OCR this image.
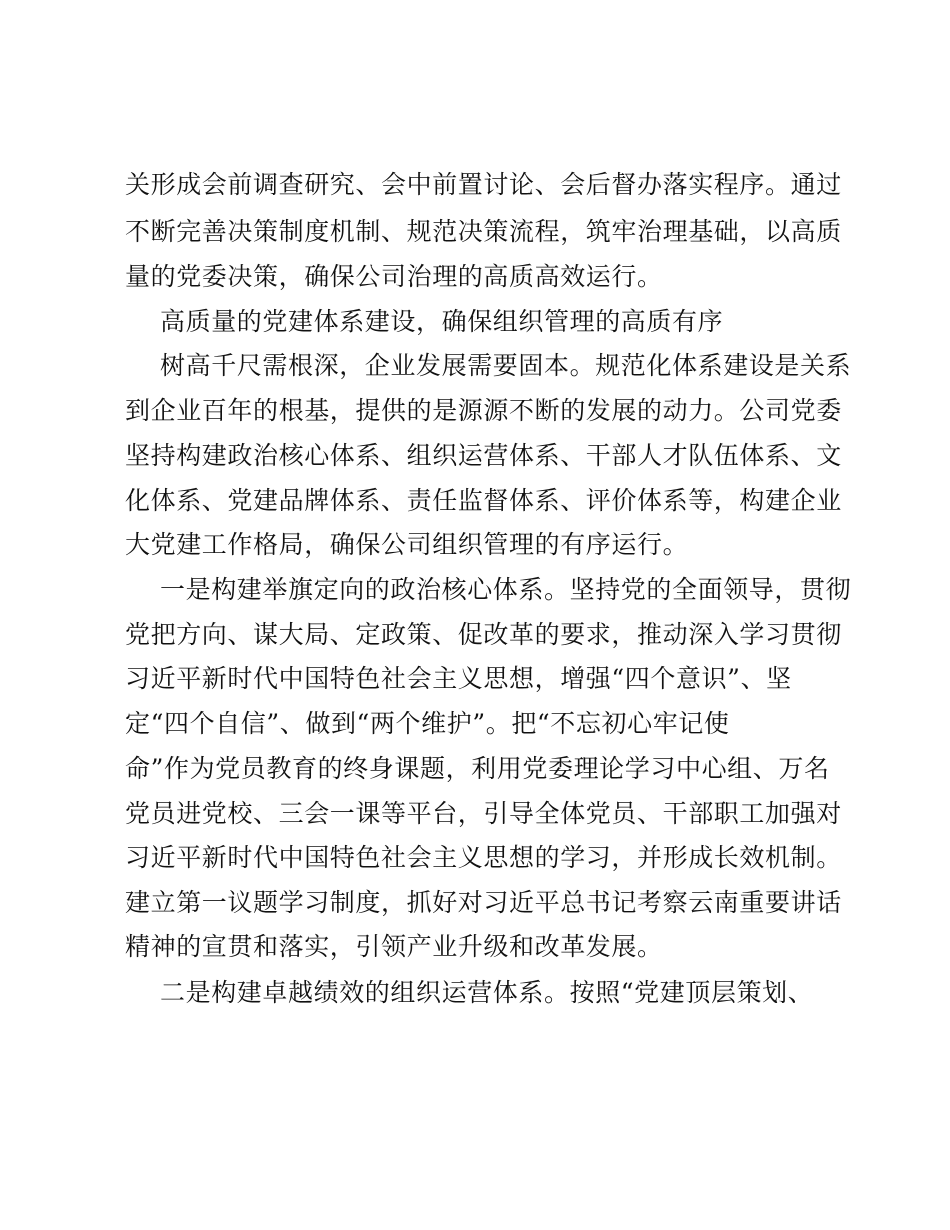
关形成会前调查研究、会中前置讨论、会后督办落实程序。通过
不断完善决策制度机制、规范决策流程，筑牢治理基础，以高质
量的党委决策，确保公司治理的高质高效运行。
高质量的党建体系建设，确保组织管理的高质有序
树高千尺需根深，企业发展需要固本。规范化体系建设是关系
到企业百年的根基，提供的是源源不断的发展的动力。公司党委
坚持构建政治核心体系、组织运营体系、干部人才队伍体系、文
化体系、党建品牌体系、责任监督体系、评价体系等，构建企业
大党建工作格局，确保公司组织管理的有序运行。
一是构建举旗定向的政治核心体系。坚持党的全面领导，贯彻
党把方向、谋大局、定政策、促改革的要求，推动深入学习贯彻
习近平新时代中国特色社会主义思想，增强“四个意识”、坚
定“四个自信”、做到“两个维护”。把“不忘初心牢记使
命”作为党员教育的终身课题，利用党委理论学习中心组、万名
党员进党校、三会一课等平台，引导全体党员、干部职工加强对
习近平新时代中国特色社会主义思想的学习，并形成长效机制。
建立第一议题学习制度，抓好对习近平总书记考察云南重要讲话
精神的宣贯和落实，引领产业升级和改革发展。
二是构建卓越绩效的组织运营体系。按照“党建顶层策划、
